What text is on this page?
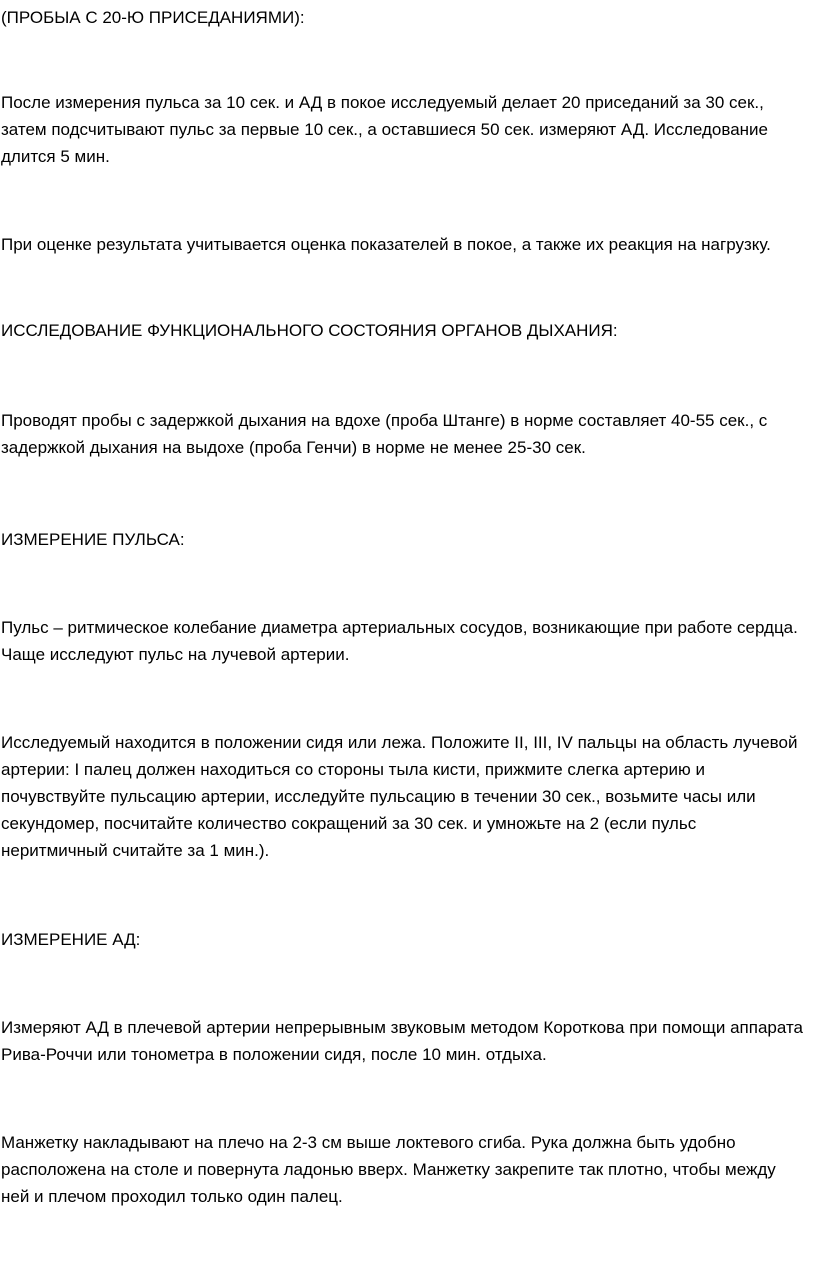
(ПРОБЫА С 20-Ю ПРИСЕДАНИЯМИ):

После измерения пульса за 10 сек. и АД в покое исследуемый делает 20 приседаний за 30 сек., затем подсчитывают пульс за первые 10 сек., а оставшиеся 50 сек. измеряют АД. Исследование длится 5 мин.

При оценке результата учитывается оценка показателей в покое, а также их реакция на нагрузку.

ИССЛЕДОВАНИЕ ФУНКЦИОНАЛЬНОГО СОСТОЯНИЯ ОРГАНОВ ДЫХАНИЯ:

Проводят пробы с задержкой дыхания на вдохе (проба Штанге) в норме составляет 40-55 сек., с задержкой дыхания на выдохе (проба Генчи) в норме не менее 25-30 сек.

ИЗМЕРЕНИЕ ПУЛЬСА:

Пульс – ритмическое колебание диаметра артериальных сосудов, возникающие при работе сердца. Чаще исследуют пульс на лучевой артерии.

Исследуемый находится в положении сидя или лежа. Положите II, III, IV пальцы на область лучевой артерии: I палец должен находиться со стороны тыла кисти, прижмите слегка артерию и почувствуйте пульсацию артерии, исследуйте пульсацию в течении 30 сек., возьмите часы или секундомер, посчитайте количество сокращений за 30 сек. и умножьте на 2 (если пульс неритмичный считайте за 1 мин.).

ИЗМЕРЕНИЕ АД:

Измеряют АД в плечевой артерии непрерывным звуковым методом Короткова при помощи аппарата Рива-Роччи или тонометра в положении сидя, после 10 мин. отдыха.

Манжетку накладывают на плечо на 2-3 см выше локтевого сгиба. Рука должна быть удобно расположена на столе и повернута ладонью вверх. Манжетку закрепите так плотно, чтобы между ней и плечом проходил только один палец.
